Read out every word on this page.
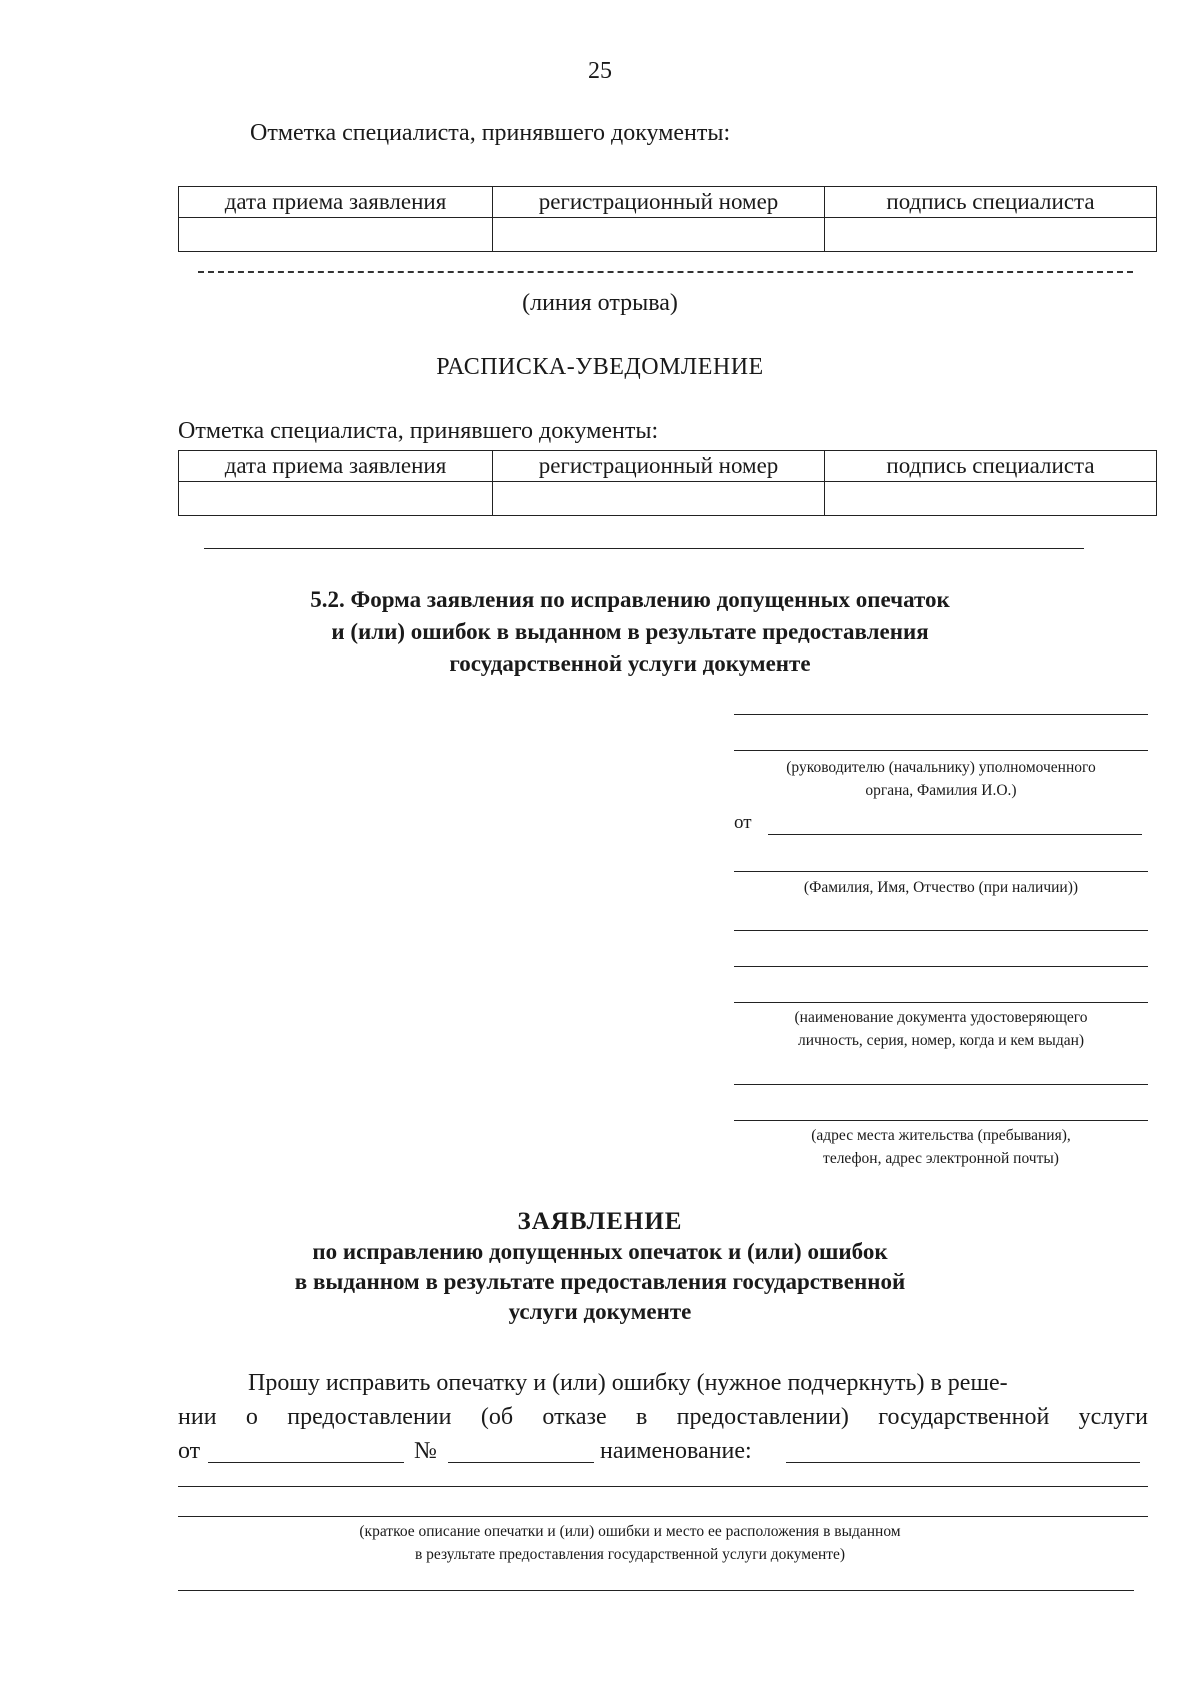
25
Отметка специалиста, принявшего документы:
дата приема заявления	регистрационный номер	подпись специалиста

(линия отрыва)
РАСПИСКА-УВЕДОМЛЕНИЕ
Отметка специалиста, принявшего документы:
дата приема заявления	регистрационный номер	подпись специалиста

5.2. Форма заявления по исправлению допущенных опечаток
и (или) ошибок в выданном в результате предоставления
государственной услуги документе
(руководителю (начальнику) уполномоченного
органа, Фамилия И.О.)
от
(Фамилия, Имя, Отчество (при наличии))
(наименование документа удостоверяющего
личность, серия, номер, когда и кем выдан)
(адрес места жительства (пребывания),
телефон, адрес электронной почты)
ЗАЯВЛЕНИЕ
по исправлению допущенных опечаток и (или) ошибок
в выданном в результате предоставления государственной
услуги документе
Прошу исправить опечатку и (или) ошибку (нужное подчеркнуть) в реше-
нии о предоставлении (об отказе в предоставлении) государственной услуги
от	№	наименование:
(краткое описание опечатки и (или) ошибки и место ее расположения в выданном
в результате предоставления государственной услуги документе)
